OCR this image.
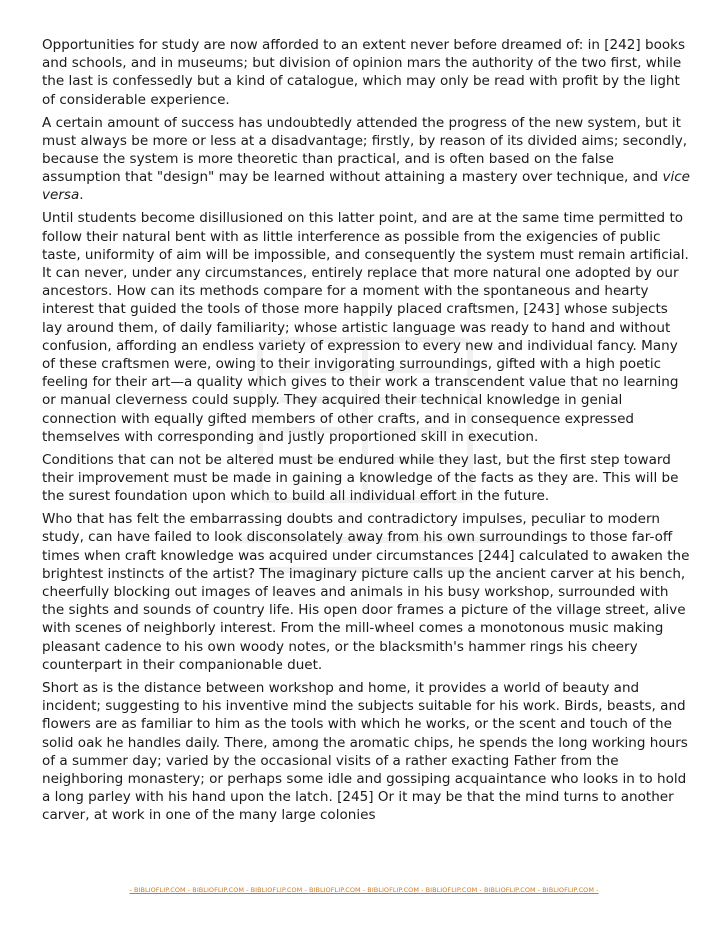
Opportunities for study are now afforded to an extent never before dreamed of: in [242] books and schools, and in museums; but division of opinion mars the authority of the two first, while the last is confessedly but a kind of catalogue, which may only be read with profit by the light of considerable experience.

A certain amount of success has undoubtedly attended the progress of the new system, but it must always be more or less at a disadvantage; firstly, by reason of its divided aims; secondly, because the system is more theoretic than practical, and is often based on the false assumption that "design" may be learned without attaining a mastery over technique, and vice versa.

Until students become disillusioned on this latter point, and are at the same time permitted to follow their natural bent with as little interference as possible from the exigencies of public taste, uniformity of aim will be impossible, and consequently the system must remain artificial. It can never, under any circumstances, entirely replace that more natural one adopted by our ancestors. How can its methods compare for a moment with the spontaneous and hearty interest that guided the tools of those more happily placed craftsmen, [243] whose subjects lay around them, of daily familiarity; whose artistic language was ready to hand and without confusion, affording an endless variety of expression to every new and individual fancy. Many of these craftsmen were, owing to their invigorating surroundings, gifted with a high poetic feeling for their art—a quality which gives to their work a transcendent value that no learning or manual cleverness could supply. They acquired their technical knowledge in genial connection with equally gifted members of other crafts, and in consequence expressed themselves with corresponding and justly proportioned skill in execution.

Conditions that can not be altered must be endured while they last, but the first step toward their improvement must be made in gaining a knowledge of the facts as they are. This will be the surest foundation upon which to build all individual effort in the future.

Who that has felt the embarrassing doubts and contradictory impulses, peculiar to modern study, can have failed to look disconsolately away from his own surroundings to those far-off times when craft knowledge was acquired under circumstances [244] calculated to awaken the brightest instincts of the artist? The imaginary picture calls up the ancient carver at his bench, cheerfully blocking out images of leaves and animals in his busy workshop, surrounded with the sights and sounds of country life. His open door frames a picture of the village street, alive with scenes of neighborly interest. From the mill-wheel comes a monotonous music making pleasant cadence to his own woody notes, or the blacksmith's hammer rings his cheery counterpart in their companionable duet.

Short as is the distance between workshop and home, it provides a world of beauty and incident; suggesting to his inventive mind the subjects suitable for his work. Birds, beasts, and flowers are as familiar to him as the tools with which he works, or the scent and touch of the solid oak he handles daily. There, among the aromatic chips, he spends the long working hours of a summer day; varied by the occasional visits of a rather exacting Father from the neighboring monastery; or perhaps some idle and gossiping acquaintance who looks in to hold a long parley with his hand upon the latch. [245] Or it may be that the mind turns to another carver, at work in one of the many large colonies

- BIBLIOFLIP.COM - BIBLIOFLIP.COM - BIBLIOFLIP.COM - BIBLIOFLIP.COM - BIBLIOFLIP.COM - BIBLIOFLIP.COM - BIBLIOFLIP.COM - BIBLIOFLIP.COM -
